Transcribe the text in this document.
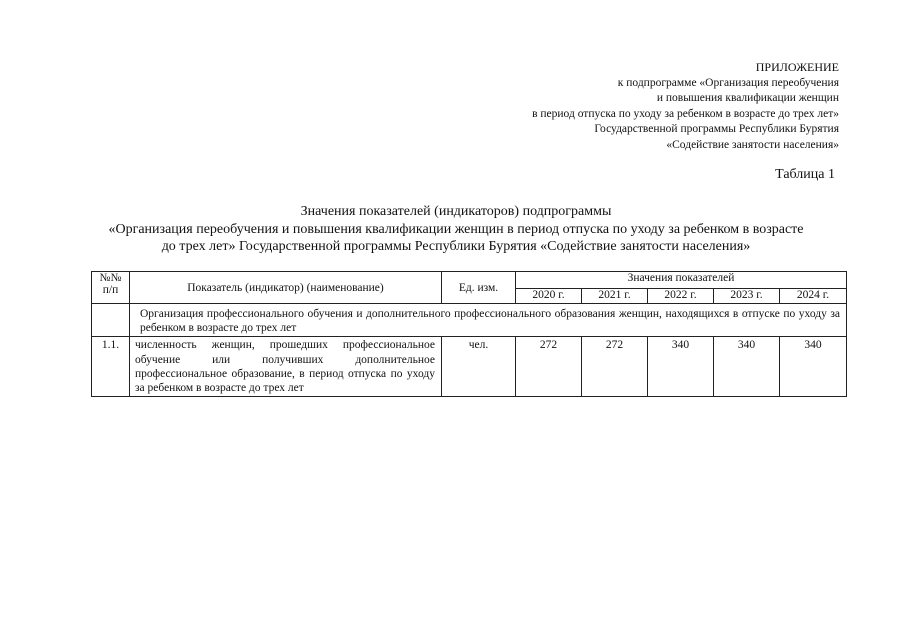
ПРИЛОЖЕНИЕ
к подпрограмме «Организация переобучения
и повышения квалификации женщин
в период отпуска по уходу за ребенком в возрасте до трех лет»
Государственной программы Республики Бурятия
«Содействие занятости населения»
Таблица 1
Значения показателей (индикаторов) подпрограммы
«Организация переобучения и повышения квалификации женщин в период отпуска по уходу за ребенком в возрасте
до трех лет» Государственной программы Республики Бурятия «Содействие занятости населения»
№№
п/п	Показатель (индикатор) (наименование)	Ед. изм.	Значения показателей				
			2020 г.	2021 г.	2022 г.	2023 г.	2024 г.
	Организация профессионального обучения и дополнительного профессионального образования женщин, находящихся в отпуске по уходу за ребенком в возрасте до трех лет						
1.1.	численность женщин, прошедших профессиональное обучение или получивших дополнительное профессиональное образование, в период отпуска по уходу за ребенком в возрасте до трех лет	чел.	272	272	340	340	340
